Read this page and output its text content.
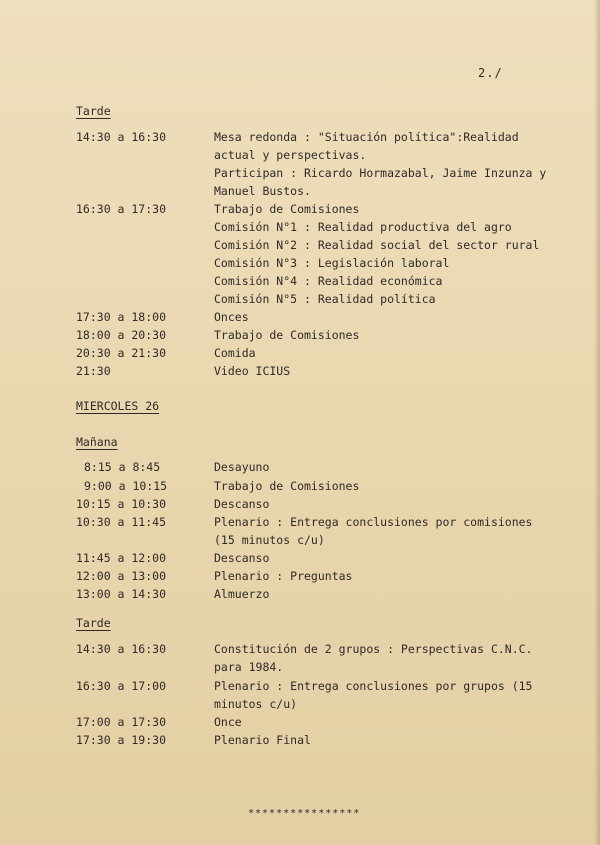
2./
Tarde
14:30 a 16:30	Mesa redonda : "Situación política":Realidad
actual y perspectivas.
Participan : Ricardo Hormazabal, Jaime Inzunza y
Manuel Bustos.
16:30 a 17:30	Trabajo de Comisiones
Comisión N°1 : Realidad productiva del agro
Comisión N°2 : Realidad social del sector rural
Comisión N°3 : Legislación laboral
Comisión N°4 : Realidad económica
Comisión N°5 : Realidad política
17:30 a 18:00	Onces
18:00 a 20:30	Trabajo de Comisiones
20:30 a 21:30	Comida
21:30	Video ICIUS
MIERCOLES 26
Mañana
8:15 a 8:45	Desayuno
9:00 a 10:15	Trabajo de Comisiones
10:15 a 10:30	Descanso
10:30 a 11:45	Plenario : Entrega conclusiones por comisiones
(15 minutos c/u)
11:45 a 12:00	Descanso
12:00 a 13:00	Plenario : Preguntas
13:00 a 14:30	Almuerzo
Tarde
14:30 a 16:30	Constitución de 2 grupos : Perspectivas C.N.C.
para 1984.
16:30 a 17:00	Plenario : Entrega conclusiones por grupos (15
minutos c/u)
17:00 a 17:30	Once
17:30 a 19:30	Plenario Final
****************
